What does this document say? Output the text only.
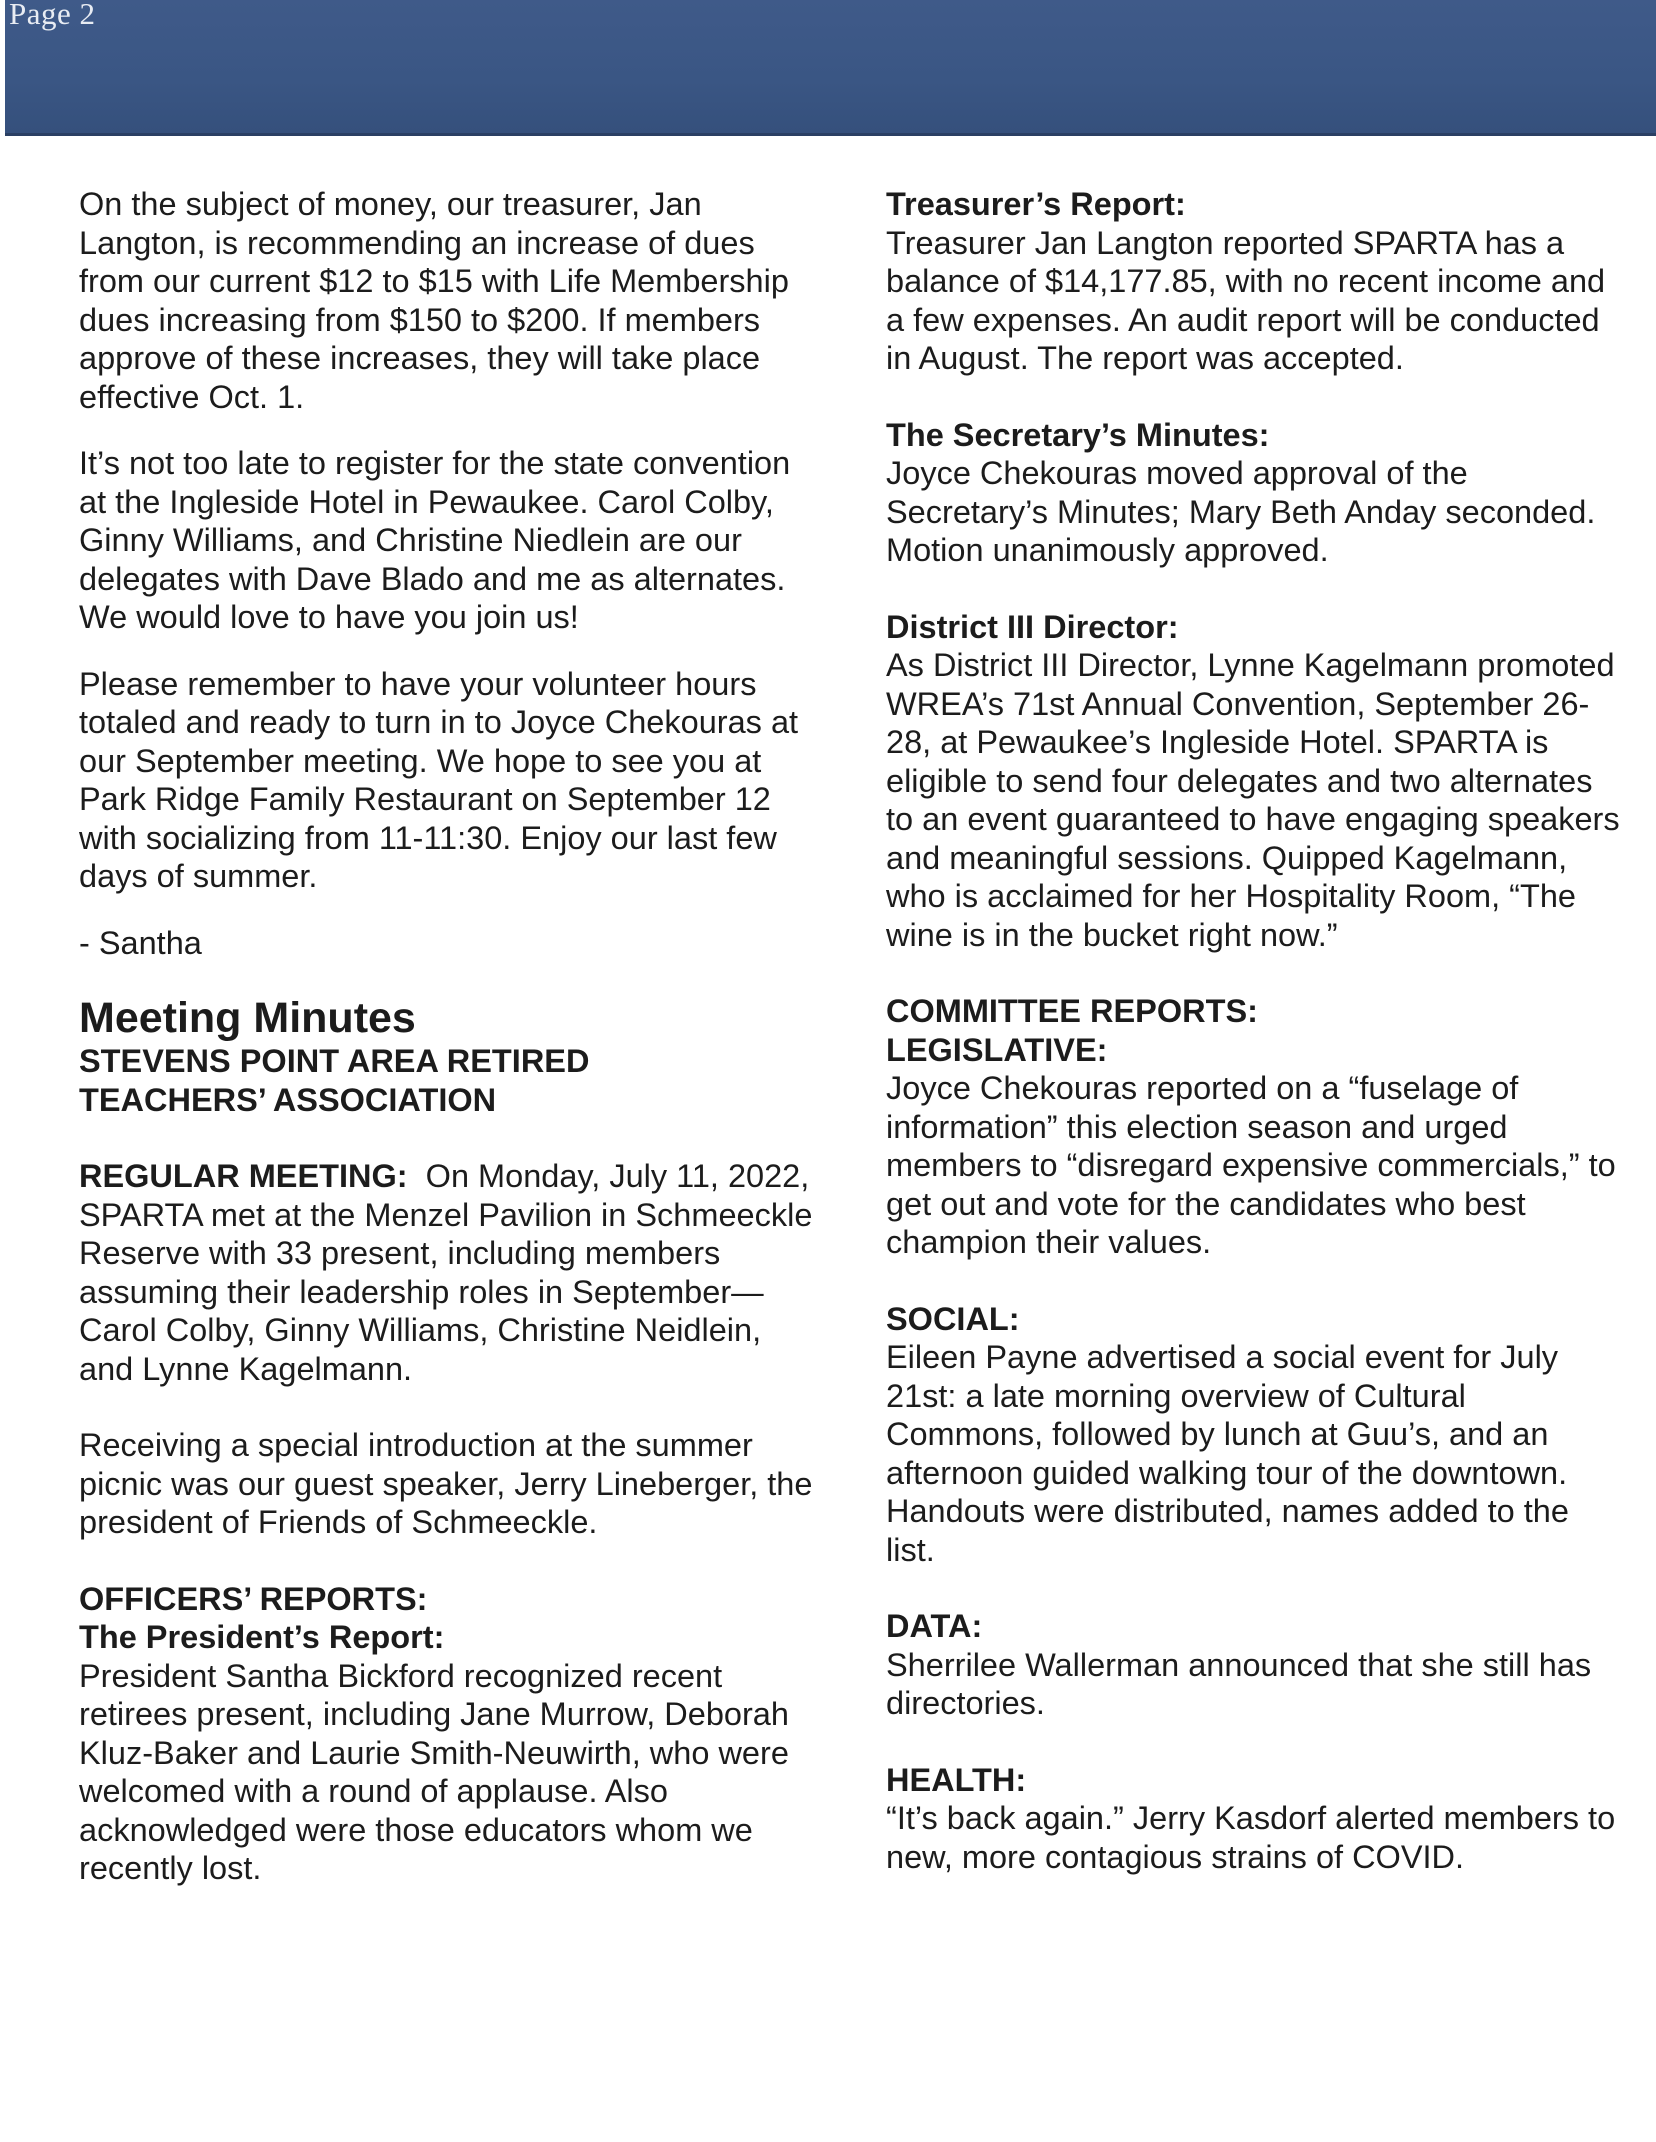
Page 2

On the subject of money, our treasurer, Jan Langton, is recommending an increase of dues from our current $12 to $15 with Life Membership dues increasing from $150 to $200. If members approve of these increases, they will take place effective Oct. 1.

It’s not too late to register for the state convention at the Ingleside Hotel in Pewaukee. Carol Colby, Ginny Williams, and Christine Niedlein are our delegates with Dave Blado and me as alternates. We would love to have you join us!

Please remember to have your volunteer hours totaled and ready to turn in to Joyce Chekouras at our September meeting. We hope to see you at Park Ridge Family Restaurant on September 12 with socializing from 11-11:30. Enjoy our last few days of summer.

- Santha

Meeting Minutes
STEVENS POINT AREA RETIRED
TEACHERS’ ASSOCIATION
REGULAR MEETING: On Monday, July 11, 2022, SPARTA met at the Menzel Pavilion in Schmeeckle Reserve with 33 present, including members assuming their leadership roles in September—Carol Colby, Ginny Williams, Christine Neidlein, and Lynne Kagelmann.
Receiving a special introduction at the summer picnic was our guest speaker, Jerry Lineberger, the president of Friends of Schmeeckle.
OFFICERS’ REPORTS:
The President’s Report:
President Santha Bickford recognized recent retirees present, including Jane Murrow, Deborah Kluz-Baker and Laurie Smith-Neuwirth, who were welcomed with a round of applause. Also acknowledged were those educators whom we recently lost.
Treasurer’s Report:
Treasurer Jan Langton reported SPARTA has a balance of $14,177.85, with no recent income and a few expenses. An audit report will be conducted in August. The report was accepted.
The Secretary’s Minutes:
Joyce Chekouras moved approval of the Secretary’s Minutes; Mary Beth Anday seconded. Motion unanimously approved.
District III Director:
As District III Director, Lynne Kagelmann promoted WREA’s 71st Annual Convention, September 26-28, at Pewaukee’s Ingleside Hotel. SPARTA is eligible to send four delegates and two alternates to an event guaranteed to have engaging speakers and meaningful sessions. Quipped Kagelmann, who is acclaimed for her Hospitality Room, “The wine is in the bucket right now.”
COMMITTEE REPORTS:
LEGISLATIVE:
Joyce Chekouras reported on a “fuselage of information” this election season and urged members to “disregard expensive commercials,” to get out and vote for the candidates who best champion their values.
SOCIAL:
Eileen Payne advertised a social event for July 21st: a late morning overview of Cultural Commons, followed by lunch at Guu’s, and an afternoon guided walking tour of the downtown. Handouts were distributed, names added to the list.
DATA:
Sherrilee Wallerman announced that she still has directories.
HEALTH:
“It’s back again.” Jerry Kasdorf alerted members to new, more contagious strains of COVID.
